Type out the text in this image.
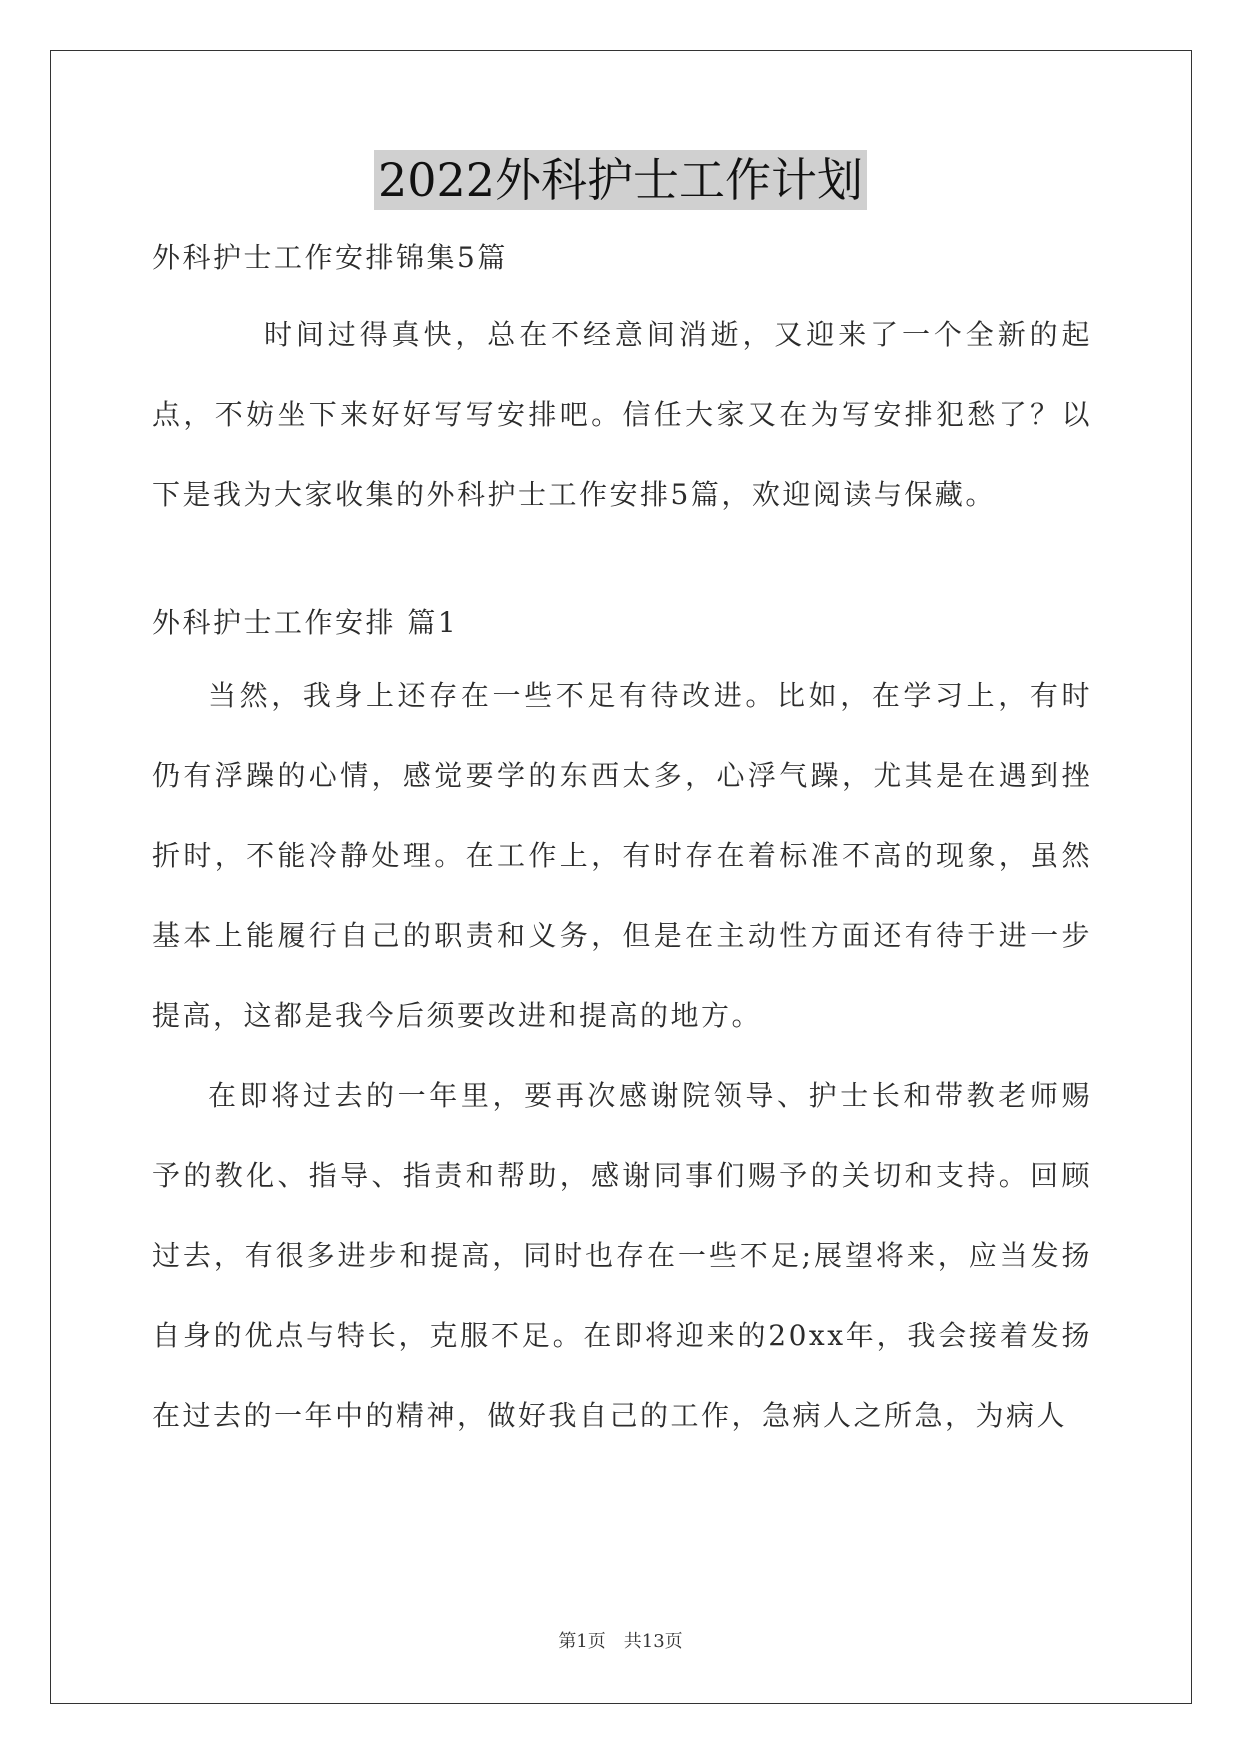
2022外科护士工作计划

外科护士工作安排锦集5篇

时间过得真快，总在不经意间消逝，又迎来了一个全新的起点，不妨坐下来好好写写安排吧。信任大家又在为写安排犯愁了？以下是我为大家收集的外科护士工作安排5篇，欢迎阅读与保藏。

外科护士工作安排 篇1

当然，我身上还存在一些不足有待改进。比如，在学习上，有时仍有浮躁的心情，感觉要学的东西太多，心浮气躁，尤其是在遇到挫折时，不能冷静处理。在工作上，有时存在着标准不高的现象，虽然基本上能履行自己的职责和义务，但是在主动性方面还有待于进一步提高，这都是我今后须要改进和提高的地方。

在即将过去的一年里，要再次感谢院领导、护士长和带教老师赐予的教化、指导、指责和帮助，感谢同事们赐予的关切和支持。回顾过去，有很多进步和提高，同时也存在一些不足;展望将来，应当发扬自身的优点与特长，克服不足。在即将迎来的20xx年，我会接着发扬在过去的一年中的精神，做好我自己的工作，急病人之所急，为病人

第1页　共13页
